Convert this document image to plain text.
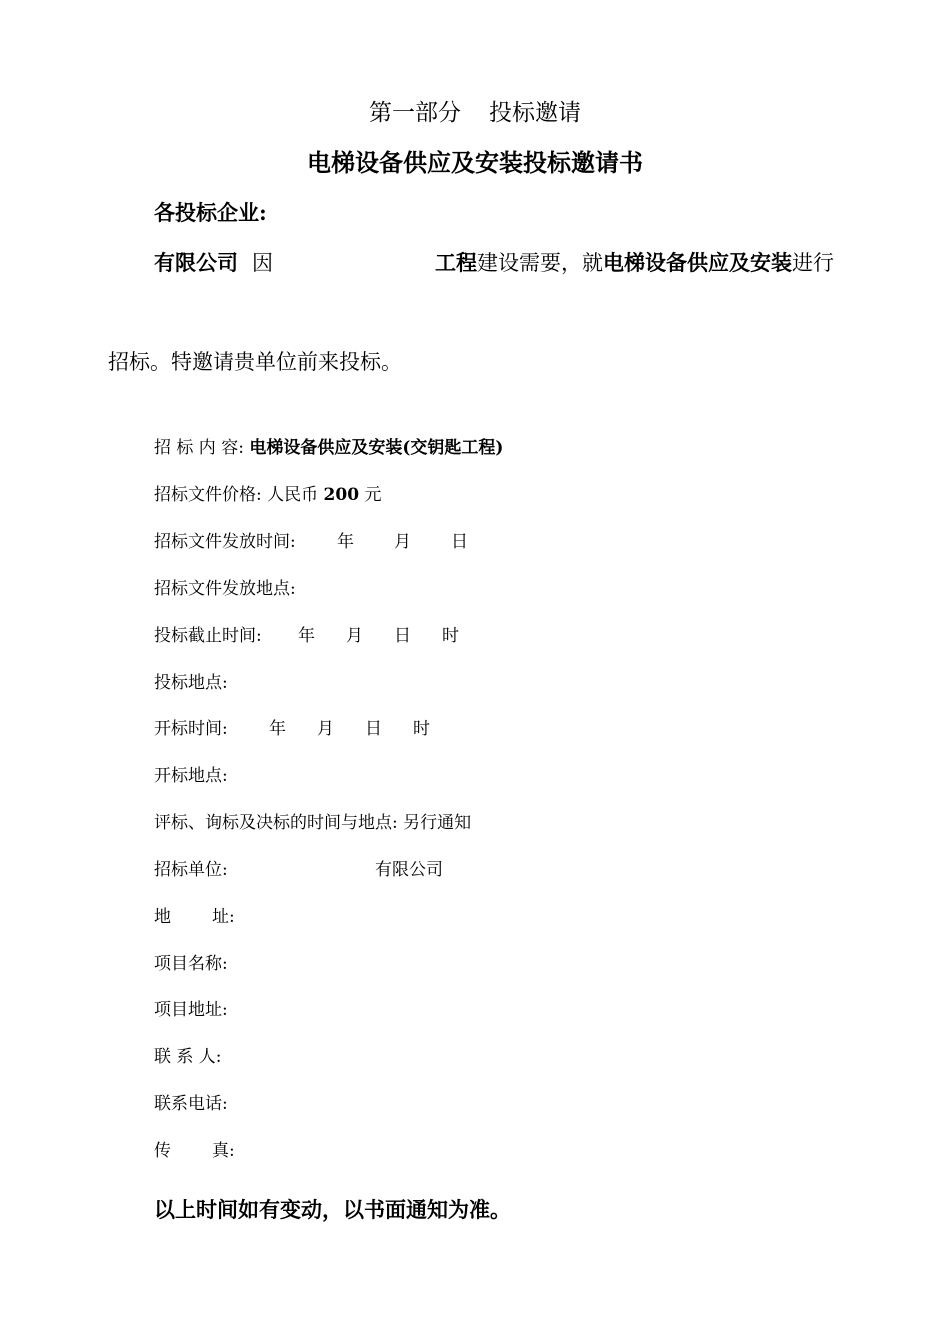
第一部分 投标邀请
电梯设备供应及安装投标邀请书
各投标企业:
有限公司 因	工程建设需要，就电梯设备供应及安装进行
招标。特邀请贵单位前来投标。
招 标 内 容: 电梯设备供应及安装(交钥匙工程)
招标文件价格: 人民币 200 元
招标文件发放时间: 年 月 日
招标文件发放地点:
投标截止时间: 年 月 日 时
投标地点:
开标时间: 年 月 日 时
开标地点:
评标、询标及决标的时间与地点: 另行通知
招标单位:	有限公司
地 址:
项目名称:
项目地址:
联 系 人:
联系电话:
传 真:
以上时间如有变动，以书面通知为准。
